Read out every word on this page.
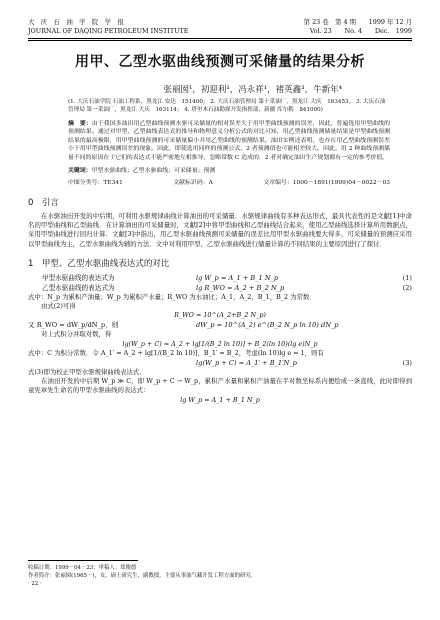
大　庆　石　油　学　院　学　报
JOURNAL OF DAQING PETROLEUM INSTITUTE
第 23 卷　第 4 期　　1999 年 12 月
Vol. 23　　No. 4　　Dec.　1999
用甲、乙型水驱曲线预测可采储量的结果分析
张丽囡¹，初迎利¹，冯永祥¹，褚英鑫³，牛新年⁴
(1. 大庆石油学院 石油工程系，黑龙江 安达　151400； 2. 大庆石油管理局 第十采油厂，黑龙江 大庆　163453； 3. 大庆石油管理局 第一采油厂，黑龙江 大庆　163114； 4. 塔里木石油勘探开发指挥部，新疆 库尔勒　841000)
摘　要：由于我国多油田用乙型曲线预测水驱可采储量的相对误差大于用甲型曲线预测的误差，因此，普遍选用甲型曲线的预测结果。通过对甲型、乙型曲线表达式的推导和物理意义分析公式的对比可知，用乙型曲线预测储量结果是甲型曲线预测结果的最高极限，用甲型曲线预测的可采储量偏小并用乙型曲线的预测结果，油田实例还表明，也存在用乙型曲线预测误差小于用甲型曲线预测误差的现象。因此，即使选用同样的预测公式，2 者预测值也可能相差较大。因此，用 2 种曲线预测储量不同的原因在于它们的表达式不能严密地互相推导，忽略常数 C 造成的．2 者对确定油田生产规划都有一定的参考价值。
关键词：甲型水驱曲线；乙型水驱曲线；可采储量；预测
中图分类号：TE341	文献标识码：A	文章编号：1000－1891(1999)04－0022－03
0　引言
在水驱油田开发的中后期，可利用水驱规律曲线计算油田的可采储量．水驱规律曲线有多种表达形式，最具代表性的是文献[1]中命名的甲型曲线和乙型曲线．在计算油田的可采储量时，文献[2]中将甲型曲线和乙型曲线结合起来，使用乙型曲线选择计算所用数据点，采用甲型曲线进行回归计算．文献[3]中指出，用乙型水驱曲线预测可采储量的误差比用甲型水驱曲线要大得多，可采储量的预测应采用以甲型曲线为主，乙型水驱曲线为辅的方法．文中对利用甲型、乙型水驱曲线进行储量计算的不同结果的主要原因进行了探讨．
1　甲型、乙型水驱曲线表达式的对比
甲型水驱曲线的表达式为	lg W_p = A_1 + B_1 N_p	(1)
乙型水驱曲线的表达式为	lg R_WO = A_2 + B_2 N_p	(2)
式中：N_p 为累积产油量；W_p 为累积产水量；R_WO 为水油比；A_1，A_2，B_1，B_2 为常数．
由式(2)可得
R_WO = 10^(A_2+B_2 N_p)
又 R_WO = dW_p/dN_p，则	dW_p = 10^(A_2) e^(B_2 N_p ln 10) dN_p
对上式积分并取对数，得
lg(W_p + C) = A_2 + lg[1/(B_2 ln 10)] + B_2(ln 10)(lg e)N_p
式中：C 为积分常数．令 A_1′ = A_2 + lg[1/(B_2 ln 10)]，B_1′ = B_2，考虑(ln 10)lg e = 1，则有
lg(W_p + C) = A_1′ + B_1′N_p	(3)
式(3)即为校正甲型水驱规律曲线表达式．
在油田开发的中后期 W_p ≫ C，即 W_p + C → W_p，累积产水量和累积产油量在半对数坐标系内便绘成一条直线，此时即得到童宪章先生命名的甲型水驱曲线的表达式：
lg W_p = A_1 + B_1 N_p
收稿日期：1999－04－23；审稿人：郑俊德
作者简介：张丽囡(1965－)，女，硕士研究生，副教授，主要从事油气藏开发工程方面的研究．
· 22 ·
